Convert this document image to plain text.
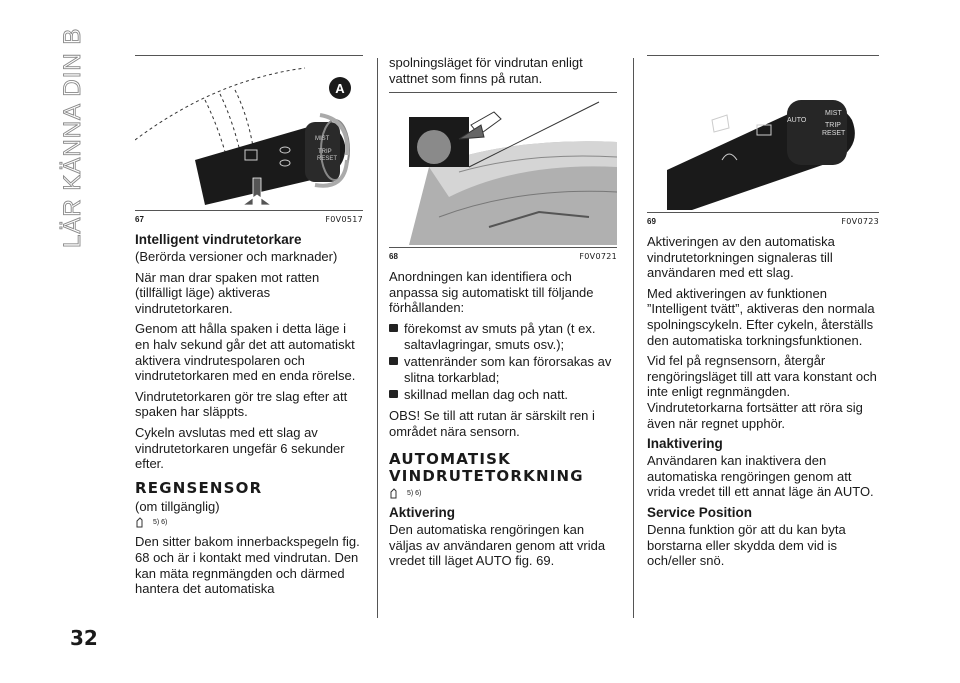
LÄR KÄNNA DIN BIL
32
MIST
TRIP
RESET
A
67	F0V0517
Intelligent vindrutetorkare

(Berörda versioner och marknader)

När man drar spaken mot ratten (tillfälligt läge) aktiveras vindrutetorkaren.

Genom att hålla spaken i detta läge i en halv sekund går det att automatiskt aktivera vindrutespolaren och vindrutetorkaren med en enda rörelse.

Vindrutetorkaren gör tre slag efter att spaken har släppts.

Cykeln avslutas med ett slag av vindrutetorkaren ungefär 6 sekunder efter.

REGNSENSOR

(om tillgänglig)

5) 6)

Den sitter bakom innerbackspegeln fig. 68 och är i kontakt med vindrutan. Den kan mäta regnmängden och därmed hantera det automatiska

spolningsläget för vindrutan enligt vattnet som finns på rutan.

68	F0V0721

Anordningen kan identifiera och anpassa sig automatiskt till följande förhållanden:

förekomst av smuts på ytan (t ex. saltavlagringar, smuts osv.);
vattenränder som kan förorsakas av slitna torkarblad;
skillnad mellan dag och natt.

OBS! Se till att rutan är särskilt ren i området nära sensorn.

AUTOMATISK
VINDRUTETORKNING
5) 6)
Aktivering

Den automatiska rengöringen kan väljas av användaren genom att vrida vredet till läget AUTO fig. 69.

AUTO
MIST
TRIP
RESET
69	F0V0723

Aktiveringen av den automatiska vindrutetorkningen signaleras till användaren med ett slag.

Med aktiveringen av funktionen ”Intelligent tvätt”, aktiveras den normala spolningscykeln. Efter cykeln, återställs den automatiska torkningsfunktionen.

Vid fel på regnsensorn, återgår rengöringsläget till att vara konstant och inte enligt regnmängden. Vindrutetorkarna fortsätter att röra sig även när regnet upphör.

Inaktivering

Användaren kan inaktivera den automatiska rengöringen genom att vrida vredet till ett annat läge än AUTO.

Service Position

Denna funktion gör att du kan byta borstarna eller skydda dem vid is och/eller snö.
